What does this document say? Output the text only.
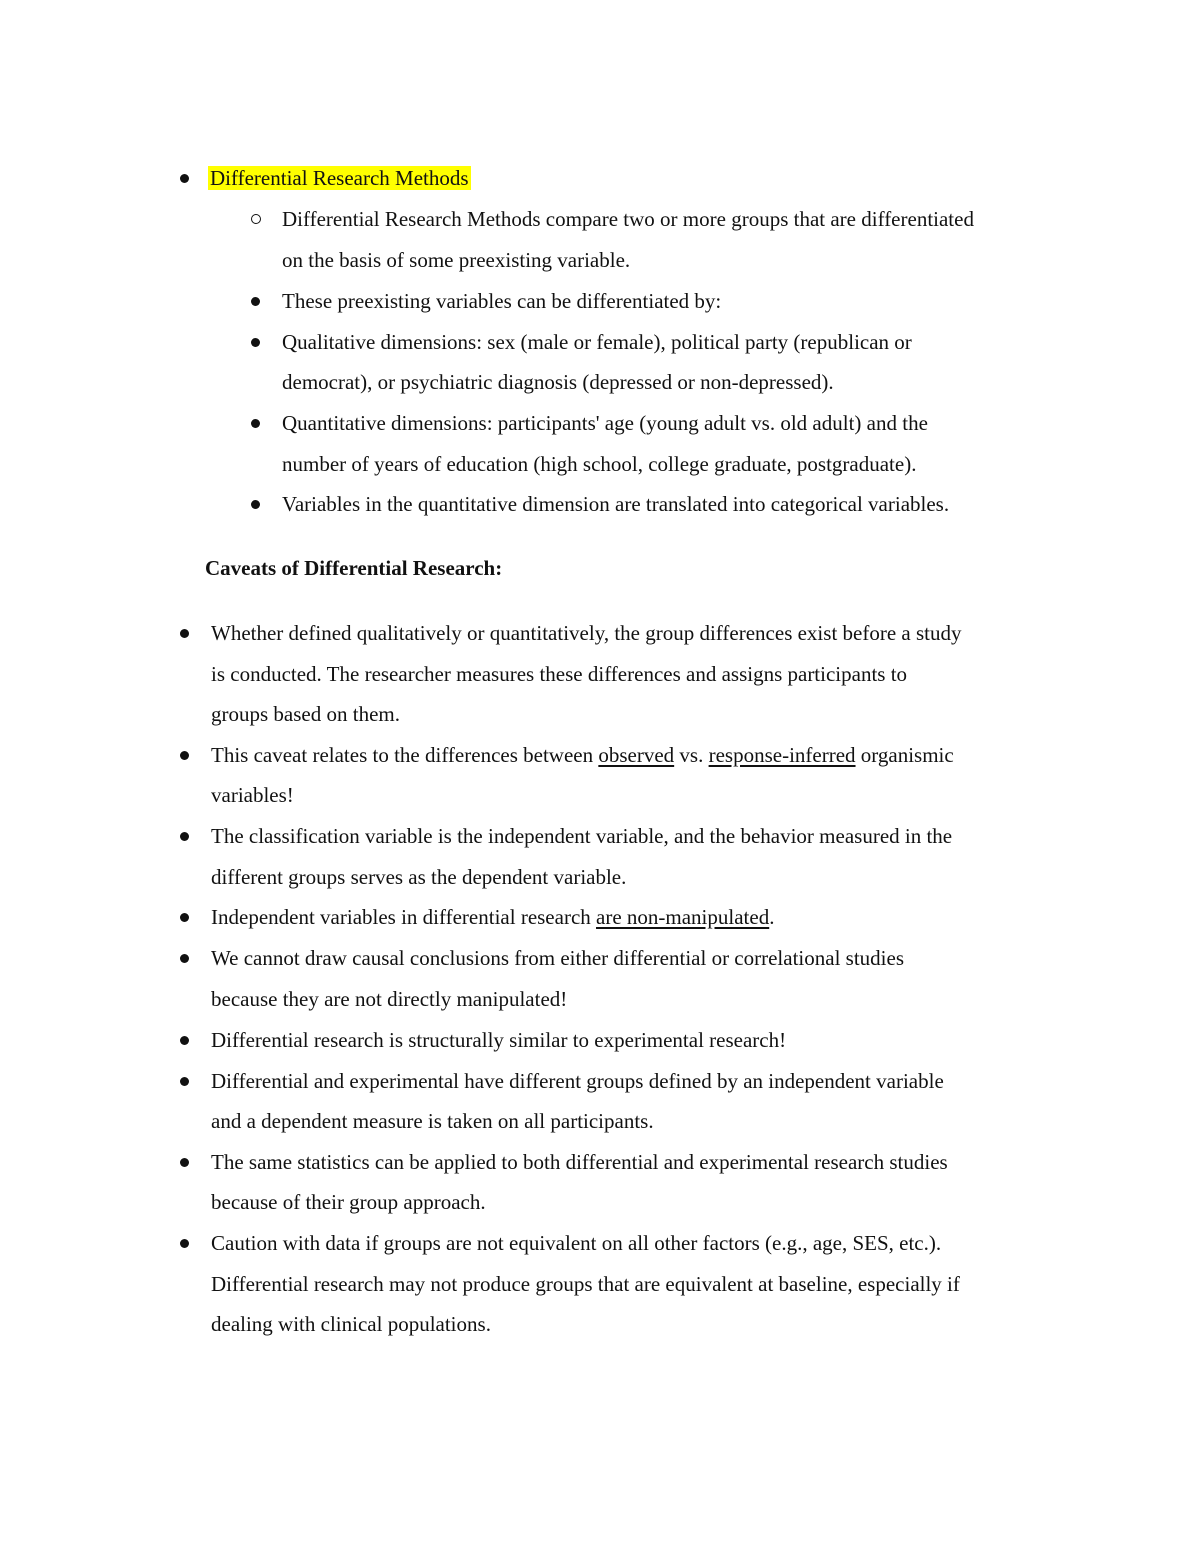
Differential Research Methods
Differential Research Methods compare two or more groups that are differentiated
on the basis of some preexisting variable.
These preexisting variables can be differentiated by:
Qualitative dimensions: sex (male or female), political party (republican or
democrat), or psychiatric diagnosis (depressed or non-depressed).
Quantitative dimensions: participants' age (young adult vs. old adult) and the
number of years of education (high school, college graduate, postgraduate).
Variables in the quantitative dimension are translated into categorical variables.
Caveats of Differential Research:
Whether defined qualitatively or quantitatively, the group differences exist before a study
is conducted. The researcher measures these differences and assigns participants to
groups based on them.
This caveat relates to the differences between observed vs. response-inferred organismic
variables!
The classification variable is the independent variable, and the behavior measured in the
different groups serves as the dependent variable.
Independent variables in differential research are non-manipulated.
We cannot draw causal conclusions from either differential or correlational studies
because they are not directly manipulated!
Differential research is structurally similar to experimental research!
Differential and experimental have different groups defined by an independent variable
and a dependent measure is taken on all participants.
The same statistics can be applied to both differential and experimental research studies
because of their group approach.
Caution with data if groups are not equivalent on all other factors (e.g., age, SES, etc.).
Differential research may not produce groups that are equivalent at baseline, especially if
dealing with clinical populations.
